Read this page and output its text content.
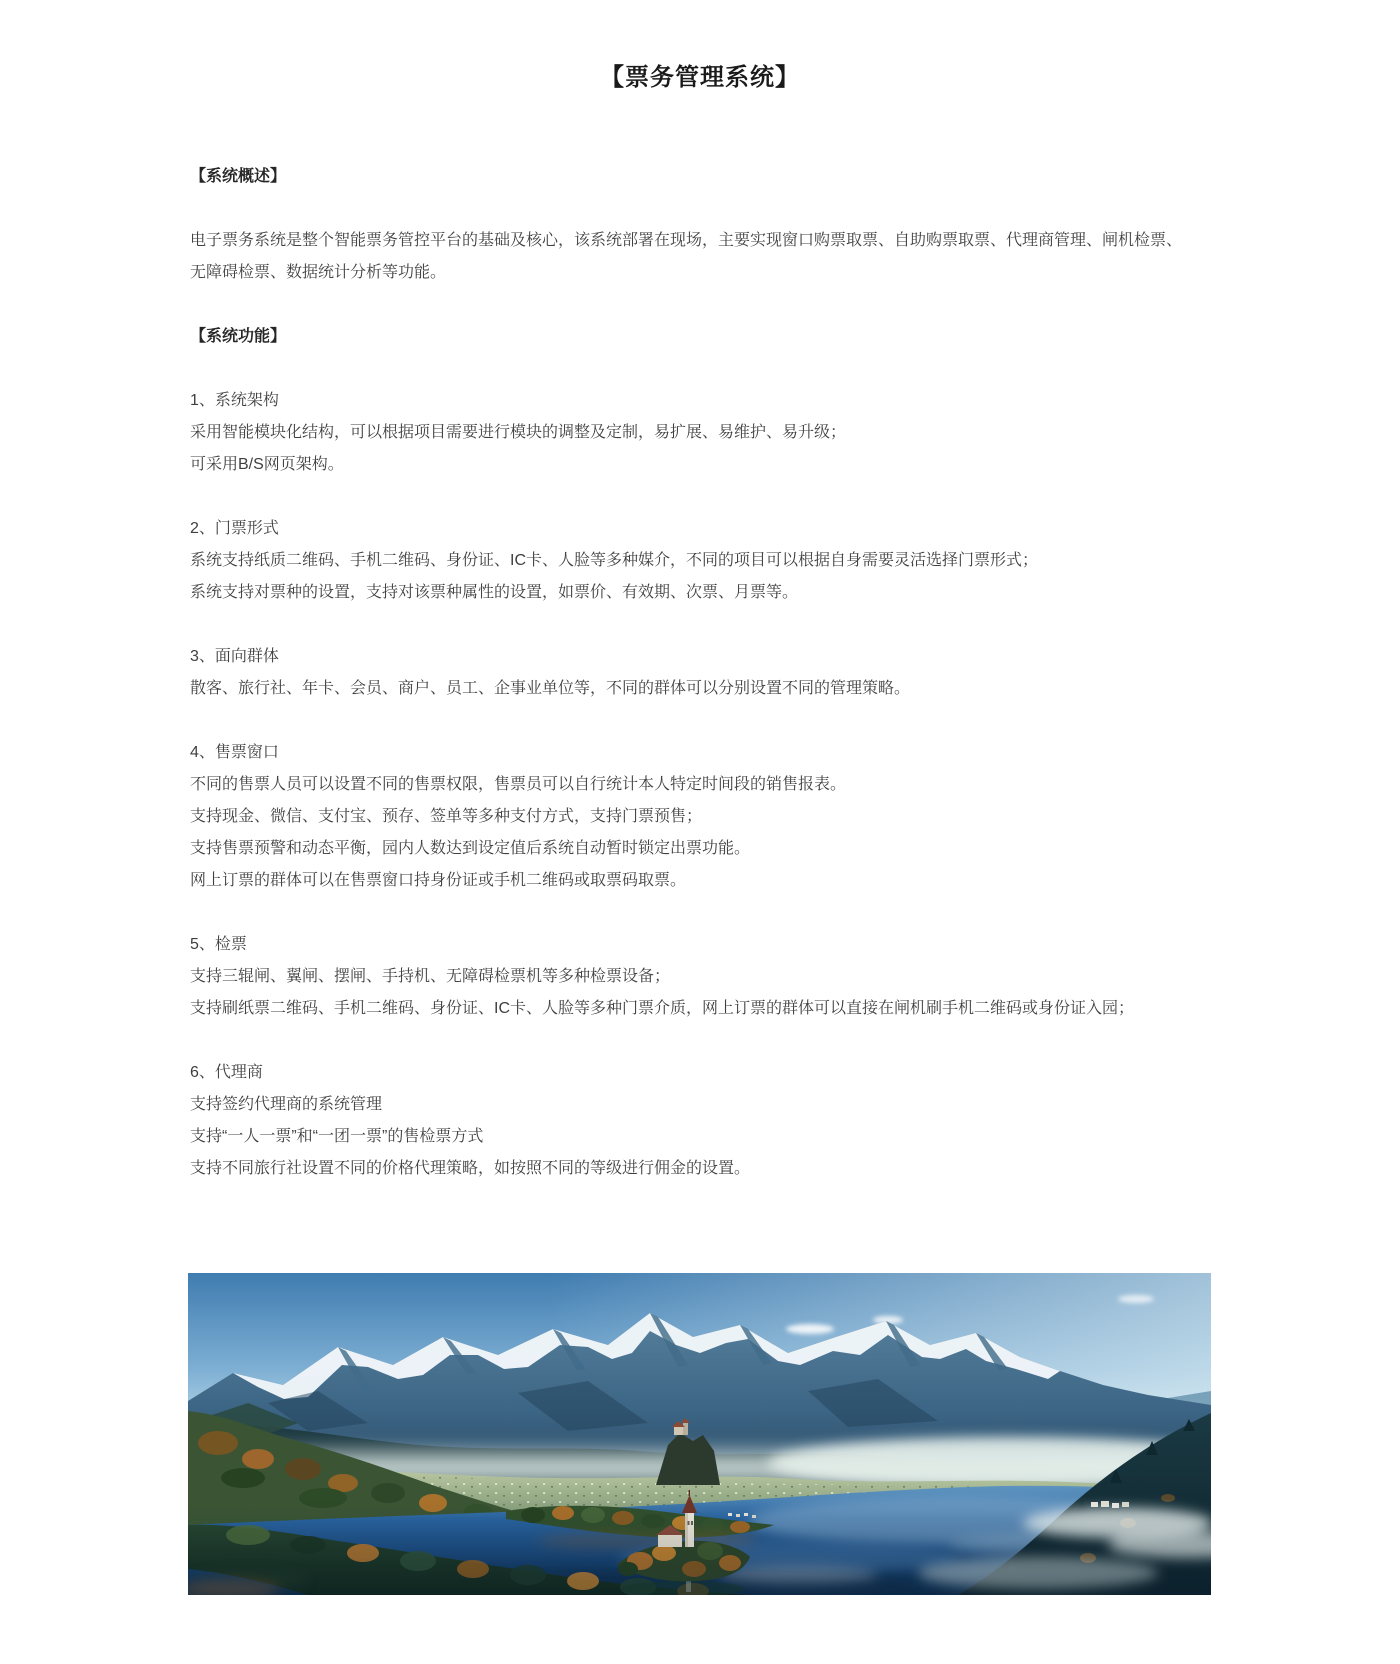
【票务管理系统】
【系统概述】
电子票务系统是整个智能票务管控平台的基础及核心，该系统部署在现场，主要实现窗口购票取票、自助购票取票、代理商管理、闸机检票、
无障碍检票、数据统计分析等功能。
【系统功能】
1、系统架构
采用智能模块化结构，可以根据项目需要进行模块的调整及定制，易扩展、易维护、易升级；
可采用B/S网页架构。
2、门票形式
系统支持纸质二维码、手机二维码、身份证、IC卡、人脸等多种媒介，不同的项目可以根据自身需要灵活选择门票形式；
系统支持对票种的设置，支持对该票种属性的设置，如票价、有效期、次票、月票等。
3、面向群体
散客、旅行社、年卡、会员、商户、员工、企事业单位等，不同的群体可以分别设置不同的管理策略。
4、售票窗口
不同的售票人员可以设置不同的售票权限，售票员可以自行统计本人特定时间段的销售报表。
支持现金、微信、支付宝、预存、签单等多种支付方式，支持门票预售；
支持售票预警和动态平衡，园内人数达到设定值后系统自动暂时锁定出票功能。
网上订票的群体可以在售票窗口持身份证或手机二维码或取票码取票。
5、检票
支持三辊闸、翼闸、摆闸、手持机、无障碍检票机等多种检票设备；
支持刷纸票二维码、手机二维码、身份证、IC卡、人脸等多种门票介质，网上订票的群体可以直接在闸机刷手机二维码或身份证入园；
6、代理商
支持签约代理商的系统管理
支持“一人一票”和“一团一票”的售检票方式
支持不同旅行社设置不同的价格代理策略，如按照不同的等级进行佣金的设置。
